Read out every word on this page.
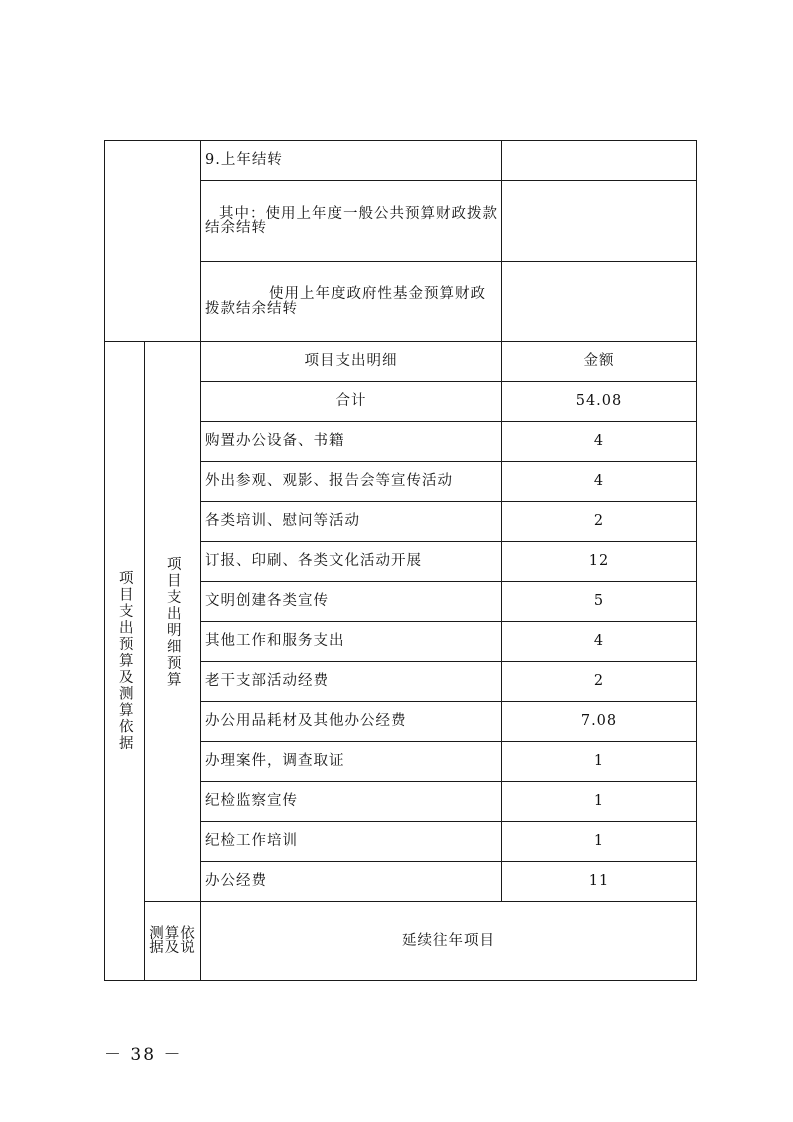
		9.上年结转	
		其中：使用上年度一般公共预算财政拨款结余结转	
		使用上年度政府性基金预算财政拨款结余结转	

项目支出预算及测算依据	项目支出明细预算	项目支出明细	金额
		合计	54.08
		购置办公设备、书籍	4
		外出参观、观影、报告会等宣传活动	4
		各类培训、慰问等活动	2
		订报、印刷、各类文化活动开展	12
		文明创建各类宣传	5
		其他工作和服务支出	4
		老干支部活动经费	2
		办公用品耗材及其他办公经费	7.08
		办理案件，调查取证	1
		纪检监察宣传	1
		纪检工作培训	1
		办公经费	11
	测算依据及说	延续往年项目	
－ 38 －
